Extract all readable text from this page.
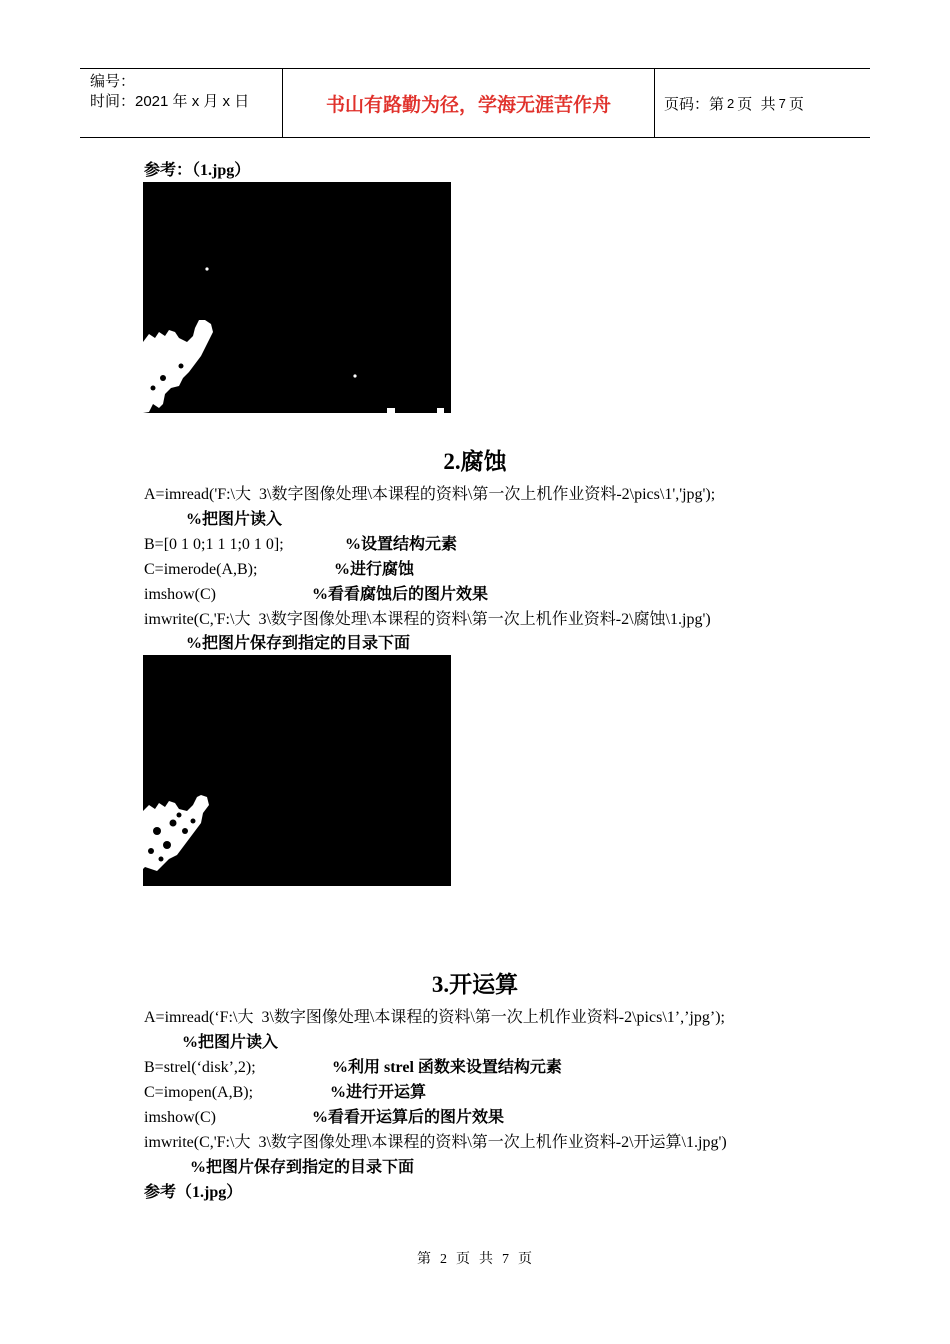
编号：
时间：2021 年 x 月 x 日	书山有路勤为径，学海无涯苦作舟	页码：第 2 页  共 7 页
参考：（1.jpg）
2.腐蚀
A=imread('F:\大  3\数字图像处理\本课程的资料\第一次上机作业资料-2\pics\1','jpg');
%把图片读入
B=[0 1 0;1 1 1;0 1 0];	%设置结构元素
C=imerode(A,B);	%进行腐蚀
imshow(C)	%看看腐蚀后的图片效果
imwrite(C,'F:\大  3\数字图像处理\本课程的资料\第一次上机作业资料-2\腐蚀\1.jpg')
%把图片保存到指定的目录下面
3.开运算
A=imread(‘F:\大  3\数字图像处理\本课程的资料\第一次上机作业资料-2\pics\1’,’jpg’);
%把图片读入
B=strel(‘disk’,2);	%利用 strel 函数来设置结构元素
C=imopen(A,B);	%进行开运算
imshow(C)	%看看开运算后的图片效果
imwrite(C,'F:\大  3\数字图像处理\本课程的资料\第一次上机作业资料-2\开运算\1.jpg')
%把图片保存到指定的目录下面
参考（1.jpg）
第 2 页 共 7 页
